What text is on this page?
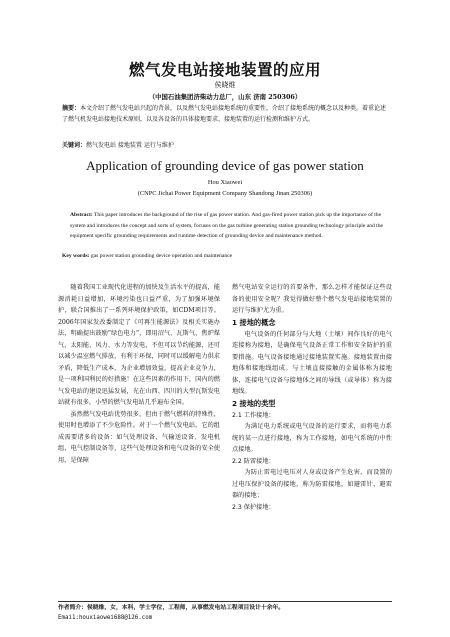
燃气发电站接地装置的应用
侯晓维
（中国石油集团济柴动力总厂，山东 济南 250306）
摘要：本文介绍了燃气发电站兴起的背景，以及燃气发电站接地系统的重要性，介绍了接地系统的概念以及种类，着重论述了燃气机发电站接地技术原则，以及各设备的具体接地要求、接地装置的运行检测和维护方式。
关键词：燃气发电站 接地装置 运行与维护
Application of grounding device of gas power station
Hou Xiaowei
(CNPC Jichai Power Equipment Company Shandong Jinan 250306)
Abstract: This paper introduces the background of the rise of gas power station. And gas-fired power station pick up the importance of the system and introduces the concept and sorts of system, focuses on the gas turbine generating station grounding technology principle and the equipment specific grounding requirements and runtime detection of grounding device and maintenance method.
Key words: gas power station grounding device operation and maintenance

随着我国工业现代化进程的加快及生活水平的提高，能源消耗日益增加，环境污染也日益严重，为了加强环境保护，联合国推出了一系列环境保护政策，如CDM项目等。2006年国家发改委制定了《可再生能源法》及相关实施办法，明确提出鼓励“绿色电力”，即用沼气、瓦斯气、焦炉煤气、太阳能、风力、水力等发电，不但可以节约能源，还可以减少温室燃气排放，有利于环保，同时可以缓解电力供求矛盾，降低生产成本，为企业增加效益，提高企业竞争力，是一项利国利民的好措施！在这些因素的作用下，国内的燃气发电站的建设迅猛发展，光在山西、四川的大型瓦斯发电站就有很多，小型的燃气发电站几乎遍布全国。

虽然燃气发电站优势很多，但由于燃气燃料的特殊性，使用时也增添了不少危险性。对于一个燃气发电站，它的组成需要诸多的设备：如气处理设备、气输送设备、发电机组、电气控制设备等，这些气处理设备和电气设备的安全使用，是保障

燃气电站安全运行的首要条件，那么怎样才能保证这些设备的使用安全呢？我觉得做好整个燃气发电站接地装置的运行与维护尤为重。

1 接地的概念

电气设备的任何部分与大地（土壤）间作良好的电气连接称为接地，是确保电气设备正常工作和安全防护的重要措施。电气设备接地通过接地装置实施。接地装置由接地体和接地线组成。与土壤直接接触的金属体称为接地体，连接电气设备与接地体之间的导线（或导体）称为接地线。

2 接地的类型

2.1 工作接地：

为满足电力系统或电气设备的运行要求，而将电力系统的某一点进行接地，称为工作接地，如电气系统的中性点接地。

2.2 防雷接地：

为防止雷电过电压对人身或设备产生危害，而设置的过电压保护设备的接地，称为防雷接地，如避雷针、避雷器的接地；

2.3 保护接地：

作者简介：侯晓维，女，本科，学士学位，工程师，从事燃发电站工程项目设计十余年。
Emai1:houxiaowei688@126.com
